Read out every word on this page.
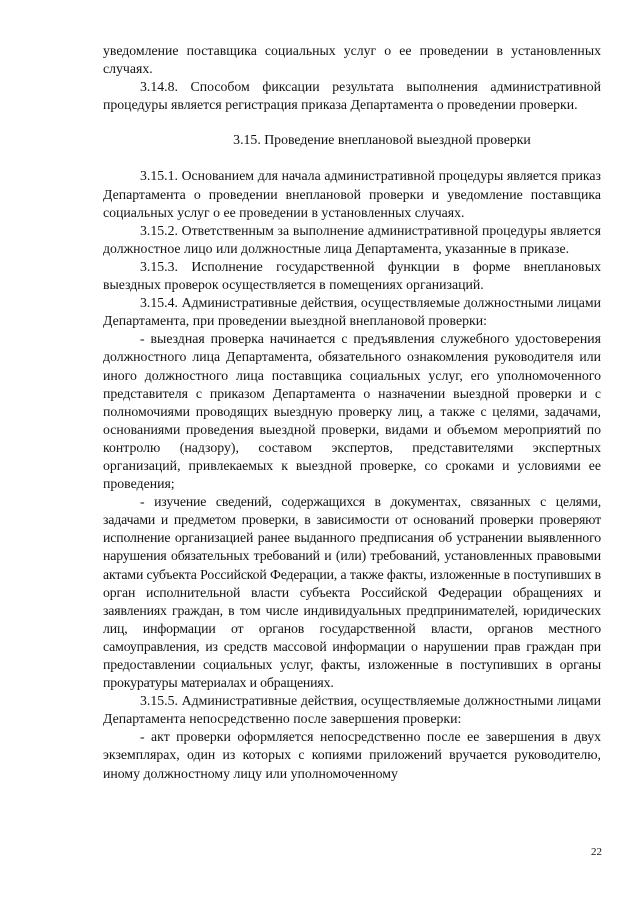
уведомление поставщика социальных услуг о ее проведении в установленных случаях.

3.14.8. Способом фиксации результата выполнения административной процедуры является регистрация приказа Департамента о проведении проверки.

3.15. Проведение внеплановой выездной проверки

3.15.1. Основанием для начала административной процедуры является приказ Департамента о проведении внеплановой проверки и уведомление поставщика социальных услуг о ее проведении в установленных случаях.

3.15.2. Ответственным за выполнение административной процедуры является должностное лицо или должностные лица Департамента, указанные в приказе.

3.15.3. Исполнение государственной функции в форме внеплановых выездных проверок осуществляется в помещениях организаций.

3.15.4. Административные действия, осуществляемые должностными лицами Департамента, при проведении выездной внеплановой проверки:

- выездная проверка начинается с предъявления служебного удостоверения должностного лица Департамента, обязательного ознакомления руководителя или иного должностного лица поставщика социальных услуг, его уполномоченного представителя с приказом Департамента о назначении выездной проверки и с полномочиями проводящих выездную проверку лиц, а также с целями, задачами, основаниями проведения выездной проверки, видами и объемом мероприятий по контролю (надзору), составом экспертов, представителями экспертных организаций, привлекаемых к выездной проверке, со сроками и условиями ее проведения;

- изучение сведений, содержащихся в документах, связанных с целями, задачами и предметом проверки, в зависимости от оснований проверки проверяют исполнение организацией ранее выданного предписания об устранении выявленного нарушения обязательных требований и (или) требований, установленных правовыми актами субъекта Российской Федерации, а также факты, изложенные в поступивших в орган исполнительной власти субъекта Российской Федерации обращениях и заявлениях граждан, в том числе индивидуальных предпринимателей, юридических лиц, информации от органов государственной власти, органов местного самоуправления, из средств массовой информации о нарушении прав граждан при предоставлении социальных услуг, факты, изложенные в поступивших в органы прокуратуры материалах и обращениях.

3.15.5. Административные действия, осуществляемые должностными лицами Департамента непосредственно после завершения проверки:

- акт проверки оформляется непосредственно после ее завершения в двух экземплярах, один из которых с копиями приложений вручается руководителю, иному должностному лицу или уполномоченному

22
